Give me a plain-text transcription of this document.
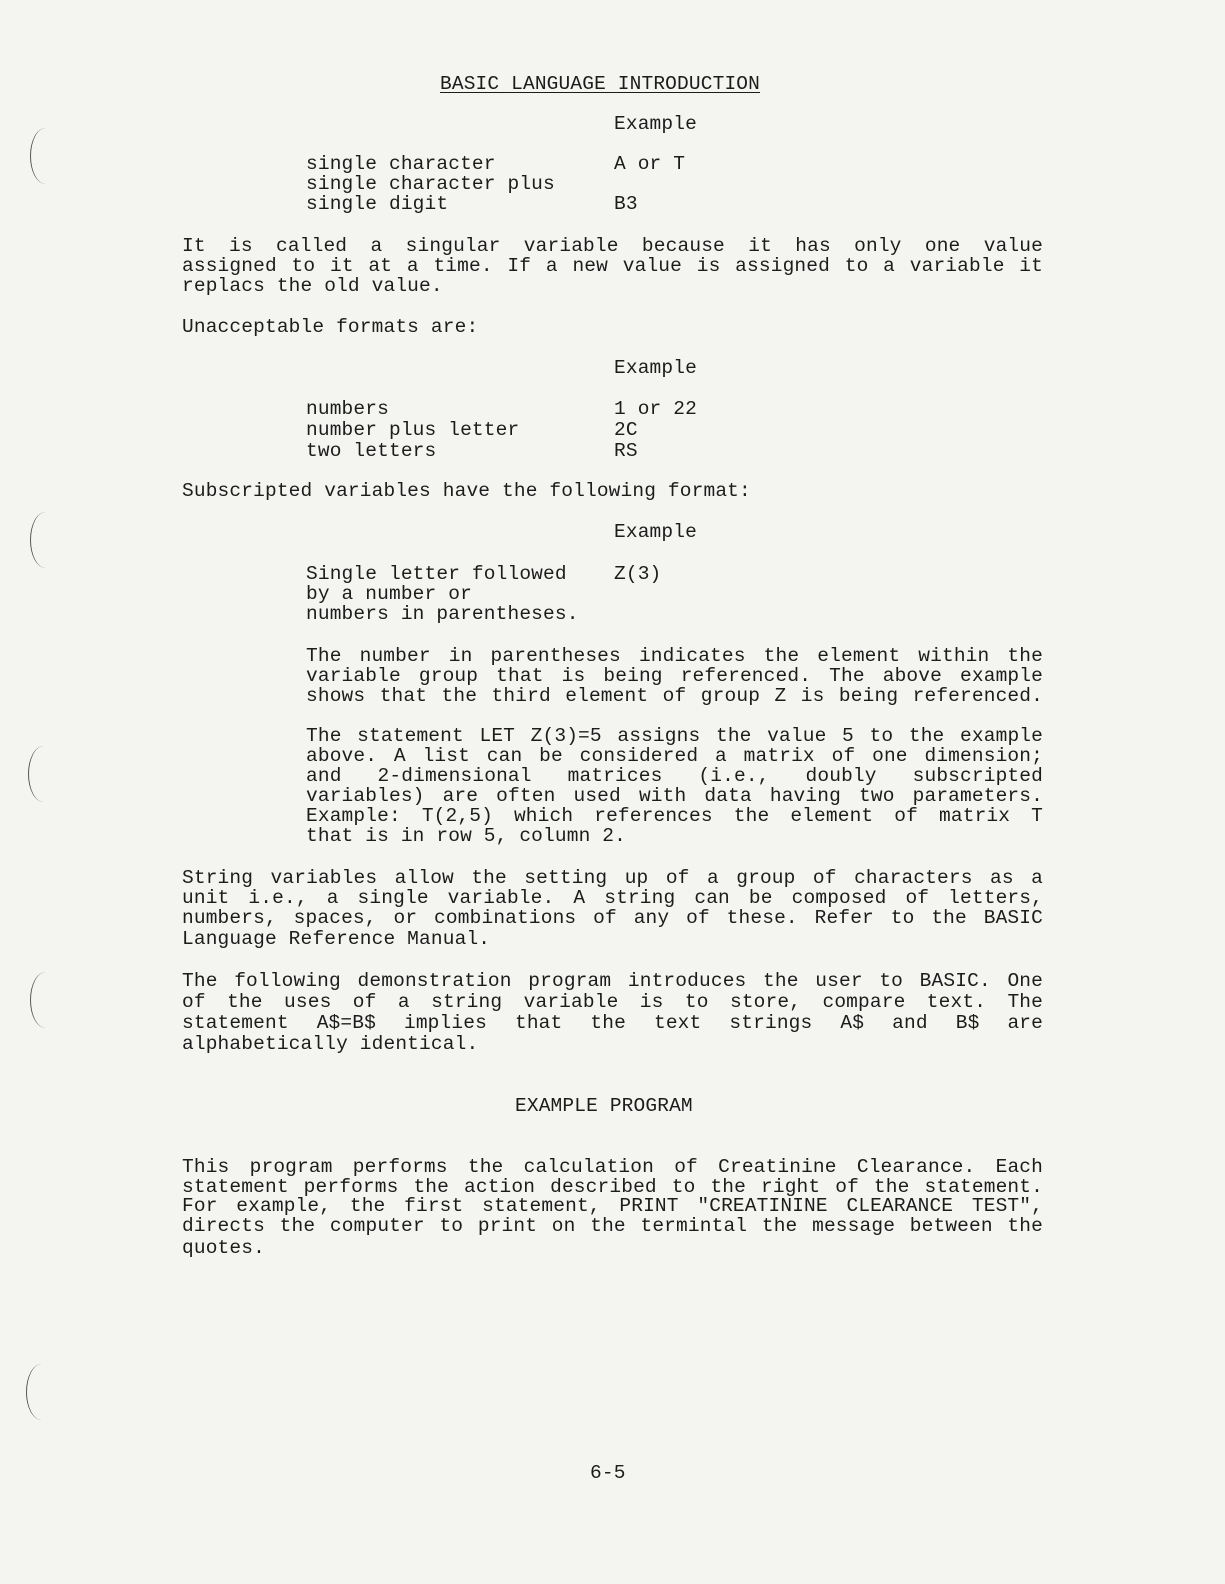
BASIC LANGUAGE INTRODUCTION
Example
single character	A or T
single character plus
single digit	B3
It is called a singular variable because it has only one value
assigned to it at a time. If a new value is assigned to a variable it
replacs the old value.
Unacceptable formats are:
Example
numbers	1 or 22
number plus letter	2C
two letters	RS
Subscripted variables have the following format:
Example
Single letter followed Z(3)
by a number or
numbers in parentheses.
The number in parentheses indicates the element within the
variable group that is being referenced. The above example
shows that the third element of group Z is being referenced.
The statement LET Z(3)=5 assigns the value 5 to the example
above. A list can be considered a matrix of one dimension;
and 2-dimensional matrices (i.e., doubly subscripted
variables) are often used with data having two parameters.
Example: T(2,5) which references the element of matrix T
that is in row 5, column 2.
String variables allow the setting up of a group of characters as a
unit i.e., a single variable. A string can be composed of letters,
numbers, spaces, or combinations of any of these. Refer to the BASIC
Language Reference Manual.
The following demonstration program introduces the user to BASIC. One
of the uses of a string variable is to store, compare text. The
statement A$=B$ implies that the text strings A$ and B$ are
alphabetically identical.
EXAMPLE PROGRAM
This program performs the calculation of Creatinine Clearance. Each
statement performs the action described to the right of the statement.
For example, the first statement, PRINT "CREATININE CLEARANCE TEST",
directs the computer to print on the termintal the message between the
quotes.
6-5
